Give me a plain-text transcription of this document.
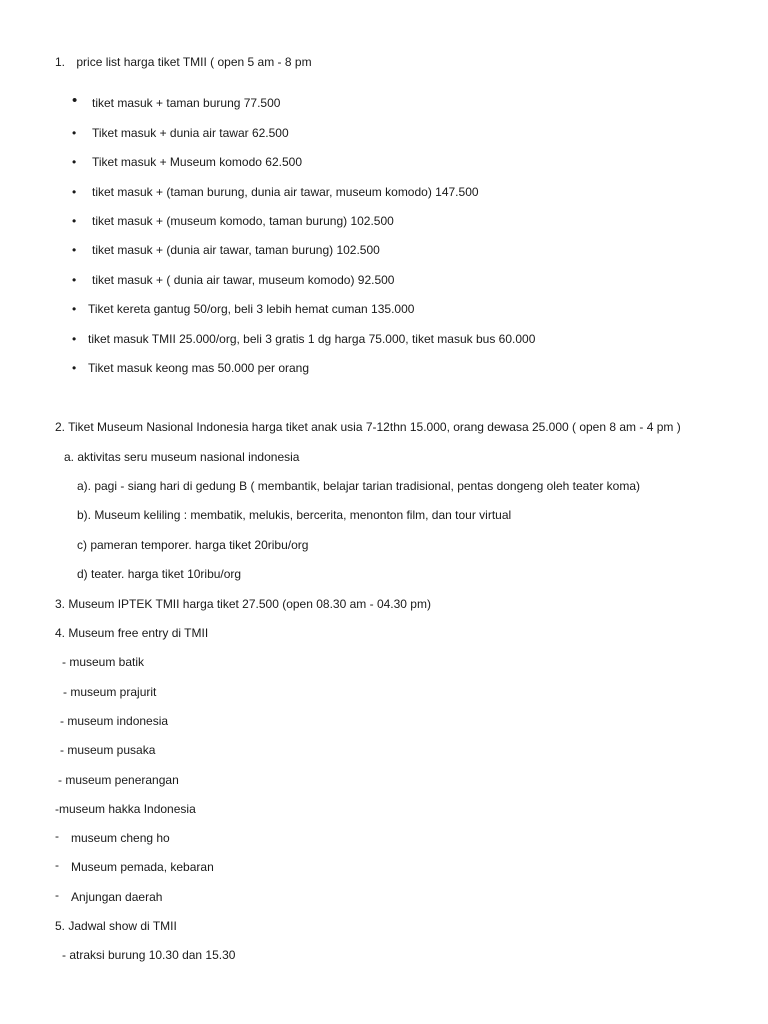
1. price list harga tiket TMII ( open 5 am - 8 pm
• tiket masuk + taman burung 77.500
• Tiket masuk + dunia air tawar 62.500
• Tiket masuk + Museum komodo 62.500
• tiket masuk + (taman burung, dunia air tawar, museum komodo) 147.500
• tiket masuk + (museum komodo, taman burung) 102.500
• tiket masuk + (dunia air tawar, taman burung) 102.500
• tiket masuk + ( dunia air tawar, museum komodo) 92.500
• Tiket kereta gantug 50/org, beli 3 lebih hemat cuman 135.000
• tiket masuk TMII 25.000/org, beli 3 gratis 1 dg harga 75.000, tiket masuk bus 60.000
• Tiket masuk keong mas 50.000 per orang
2. Tiket Museum Nasional Indonesia harga tiket anak usia 7-12thn 15.000, orang dewasa 25.000 ( open 8 am - 4 pm )
a. aktivitas seru museum nasional indonesia
a). pagi - siang hari di gedung B ( membantik, belajar tarian tradisional, pentas dongeng oleh teater koma)
b). Museum keliling : membatik, melukis, bercerita, menonton film, dan tour virtual
c) pameran temporer. harga tiket 20ribu/org
d) teater. harga tiket 10ribu/org
3. Museum IPTEK TMII harga tiket 27.500 (open 08.30 am - 04.30 pm)
4. Museum free entry di TMII
- museum batik
- museum prajurit
- museum indonesia
- museum pusaka
- museum penerangan
-museum hakka Indonesia
- museum cheng ho
- Museum pemada, kebaran
- Anjungan daerah
5. Jadwal show di TMII
- atraksi burung 10.30 dan 15.30
